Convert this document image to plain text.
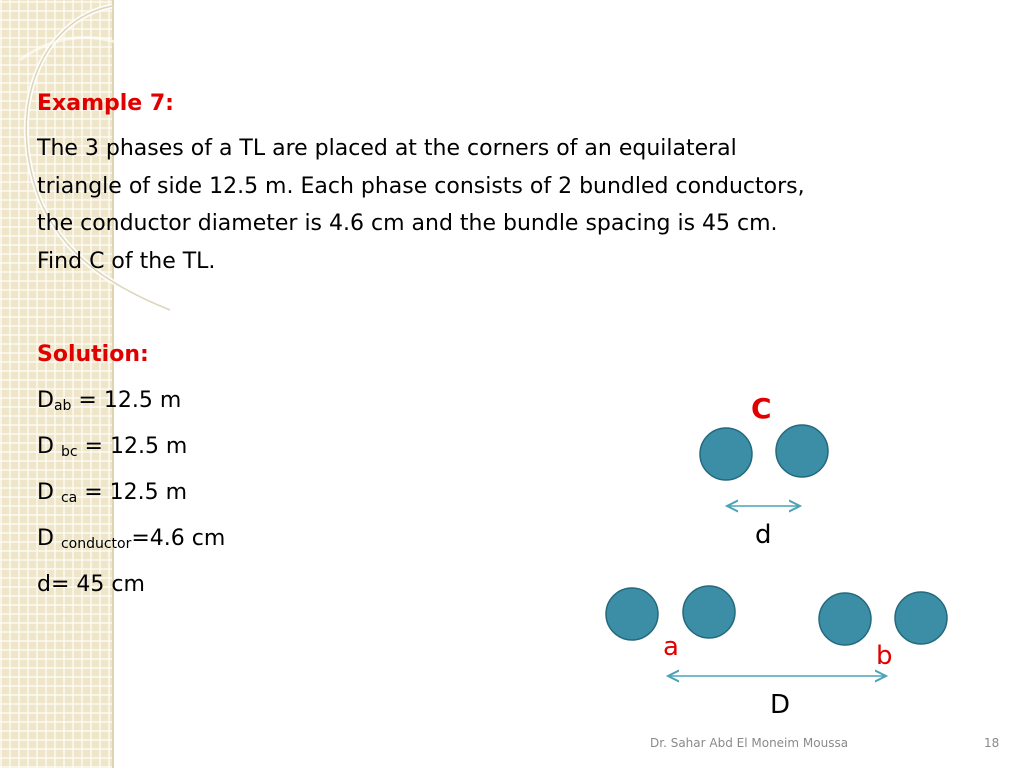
Example 7:
The 3 phases of a TL are placed at the corners of an equilateral
triangle of side 12.5 m. Each phase consists of 2 bundled conductors,
the conductor diameter is 4.6 cm and the bundle spacing is 45 cm.
Find C of the TL.
Solution:
$D_{ab} = 12.5$ m
D $_{bc}$ = 12.5 m
D $_{ca}$ = 12.5 m
D $_{conductor}$=4.6 cm
d= 45 cm
C
d
a	b
D
Dr. Sahar Abd El Moneim Moussa	18
